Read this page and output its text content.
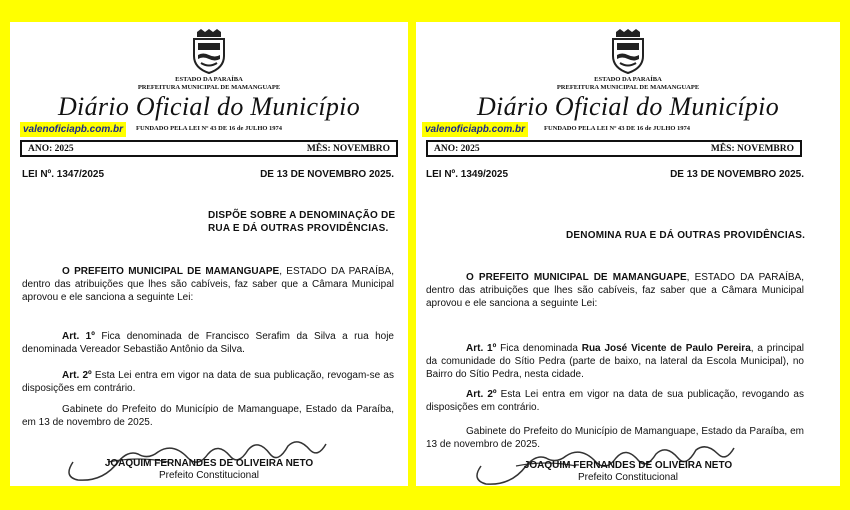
ESTADO DA PARAÍBA
PREFEITURA MUNICIPAL DE MAMANGUAPE
Diário Oficial do Município
valenoficiapb.com.br	FUNDADO PELA LEI Nº 43 DE 16 de JULHO 1974
ANO: 2025	MÊS: NOVEMBRO
LEI Nº. 1347/2025	DE 13 DE NOVEMBRO 2025.
DISPÕE SOBRE A DENOMINAÇÃO DE
RUA E DÁ OUTRAS PROVIDÊNCIAS.
O PREFEITO MUNICIPAL DE MAMANGUAPE, ESTADO DA PARAÍBA, dentro das atribuições que lhes são cabíveis, faz saber que a Câmara Municipal aprovou e ele sanciona a seguinte Lei:
Art. 1º Fica denominada de Francisco Serafim da Silva a rua hoje denominada Vereador Sebastião Antônio da Silva.
Art. 2º Esta Lei entra em vigor na data de sua publicação, revogam-se as disposições em contrário.
Gabinete do Prefeito do Município de Mamanguape, Estado da Paraíba, em 13 de novembro de 2025.
JOAQUIM FERNANDES DE OLIVEIRA NETO
Prefeito Constitucional
ESTADO DA PARAÍBA
PREFEITURA MUNICIPAL DE MAMANGUAPE
Diário Oficial do Município
valenoficiapb.com.br	FUNDADO PELA LEI Nº 43 DE 16 de JULHO 1974
ANO: 2025	MÊS: NOVEMBRO
LEI Nº. 1349/2025	DE 13 DE NOVEMBRO 2025.
DENOMINA RUA E DÁ OUTRAS PROVIDÊNCIAS.
O PREFEITO MUNICIPAL DE MAMANGUAPE, ESTADO DA PARAÍBA, dentro das atribuições que lhes são cabíveis, faz saber que a Câmara Municipal aprovou e ele sanciona a seguinte Lei:
Art. 1º Fica denominada Rua José Vicente de Paulo Pereira, a principal da comunidade do Sítio Pedra (parte de baixo, na lateral da Escola Municipal), no Bairro do Sítio Pedra, nesta cidade.
Art. 2º Esta Lei entra em vigor na data de sua publicação, revogando as disposições em contrário.
Gabinete do Prefeito do Município de Mamanguape, Estado da Paraíba, em 13 de novembro de 2025.
JOAQUIM FERNANDES DE OLIVEIRA NETO
Prefeito Constitucional
